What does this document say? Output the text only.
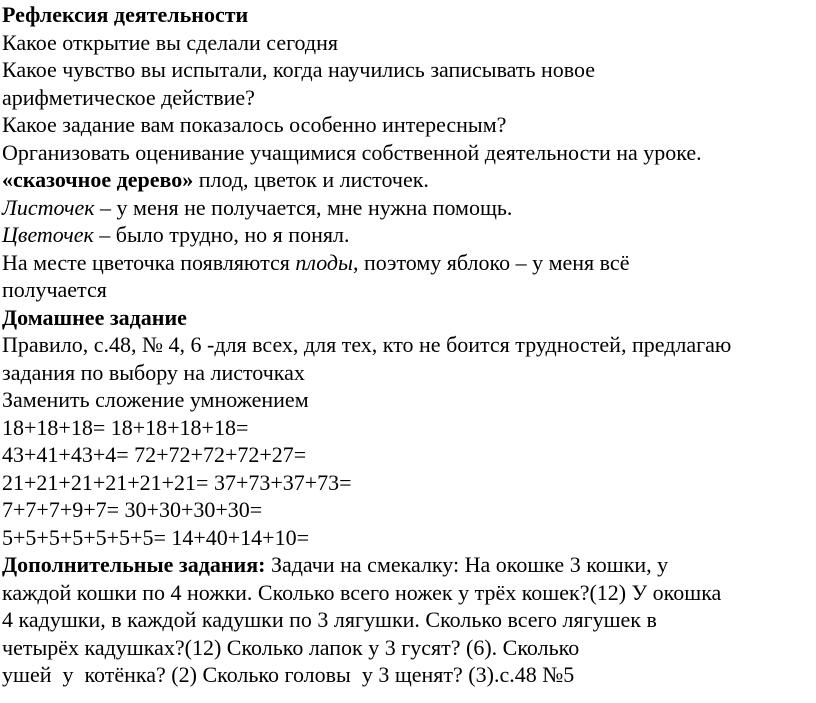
Рефлексия деятельности
Какое открытие вы сделали сегодня
Какое чувство вы испытали, когда научились записывать новое
арифметическое действие?
Какое задание вам показалось особенно интересным?
Организовать оценивание учащимися собственной деятельности на уроке.
«сказочное дерево» плод, цветок и листочек.
Листочек – у меня не получается, мне нужна помощь.
Цветочек – было трудно, но я понял.
На месте цветочка появляются плоды, поэтому яблоко – у меня всё
получается
Домашнее задание
Правило, с.48, № 4, 6 -для всех, для тех, кто не боится трудностей, предлагаю
задания по выбору на листочках
Заменить сложение умножением
18+18+18= 18+18+18+18=
43+41+43+4= 72+72+72+72+27=
21+21+21+21+21+21= 37+73+37+73=
7+7+7+9+7= 30+30+30+30=
5+5+5+5+5+5+5= 14+40+14+10=
Дополнительные задания: Задачи на смекалку: На окошке 3 кошки, у
каждой кошки по 4 ножки. Сколько всего ножек у трёх кошек?(12) У окошка
4 кадушки, в каждой кадушки по 3 лягушки. Сколько всего лягушек в
четырёх кадушках?(12) Сколько лапок у 3 гусят? (6). Сколько
ушей  у  котёнка? (2) Сколько головы  у 3 щенят? (3).с.48 №5
